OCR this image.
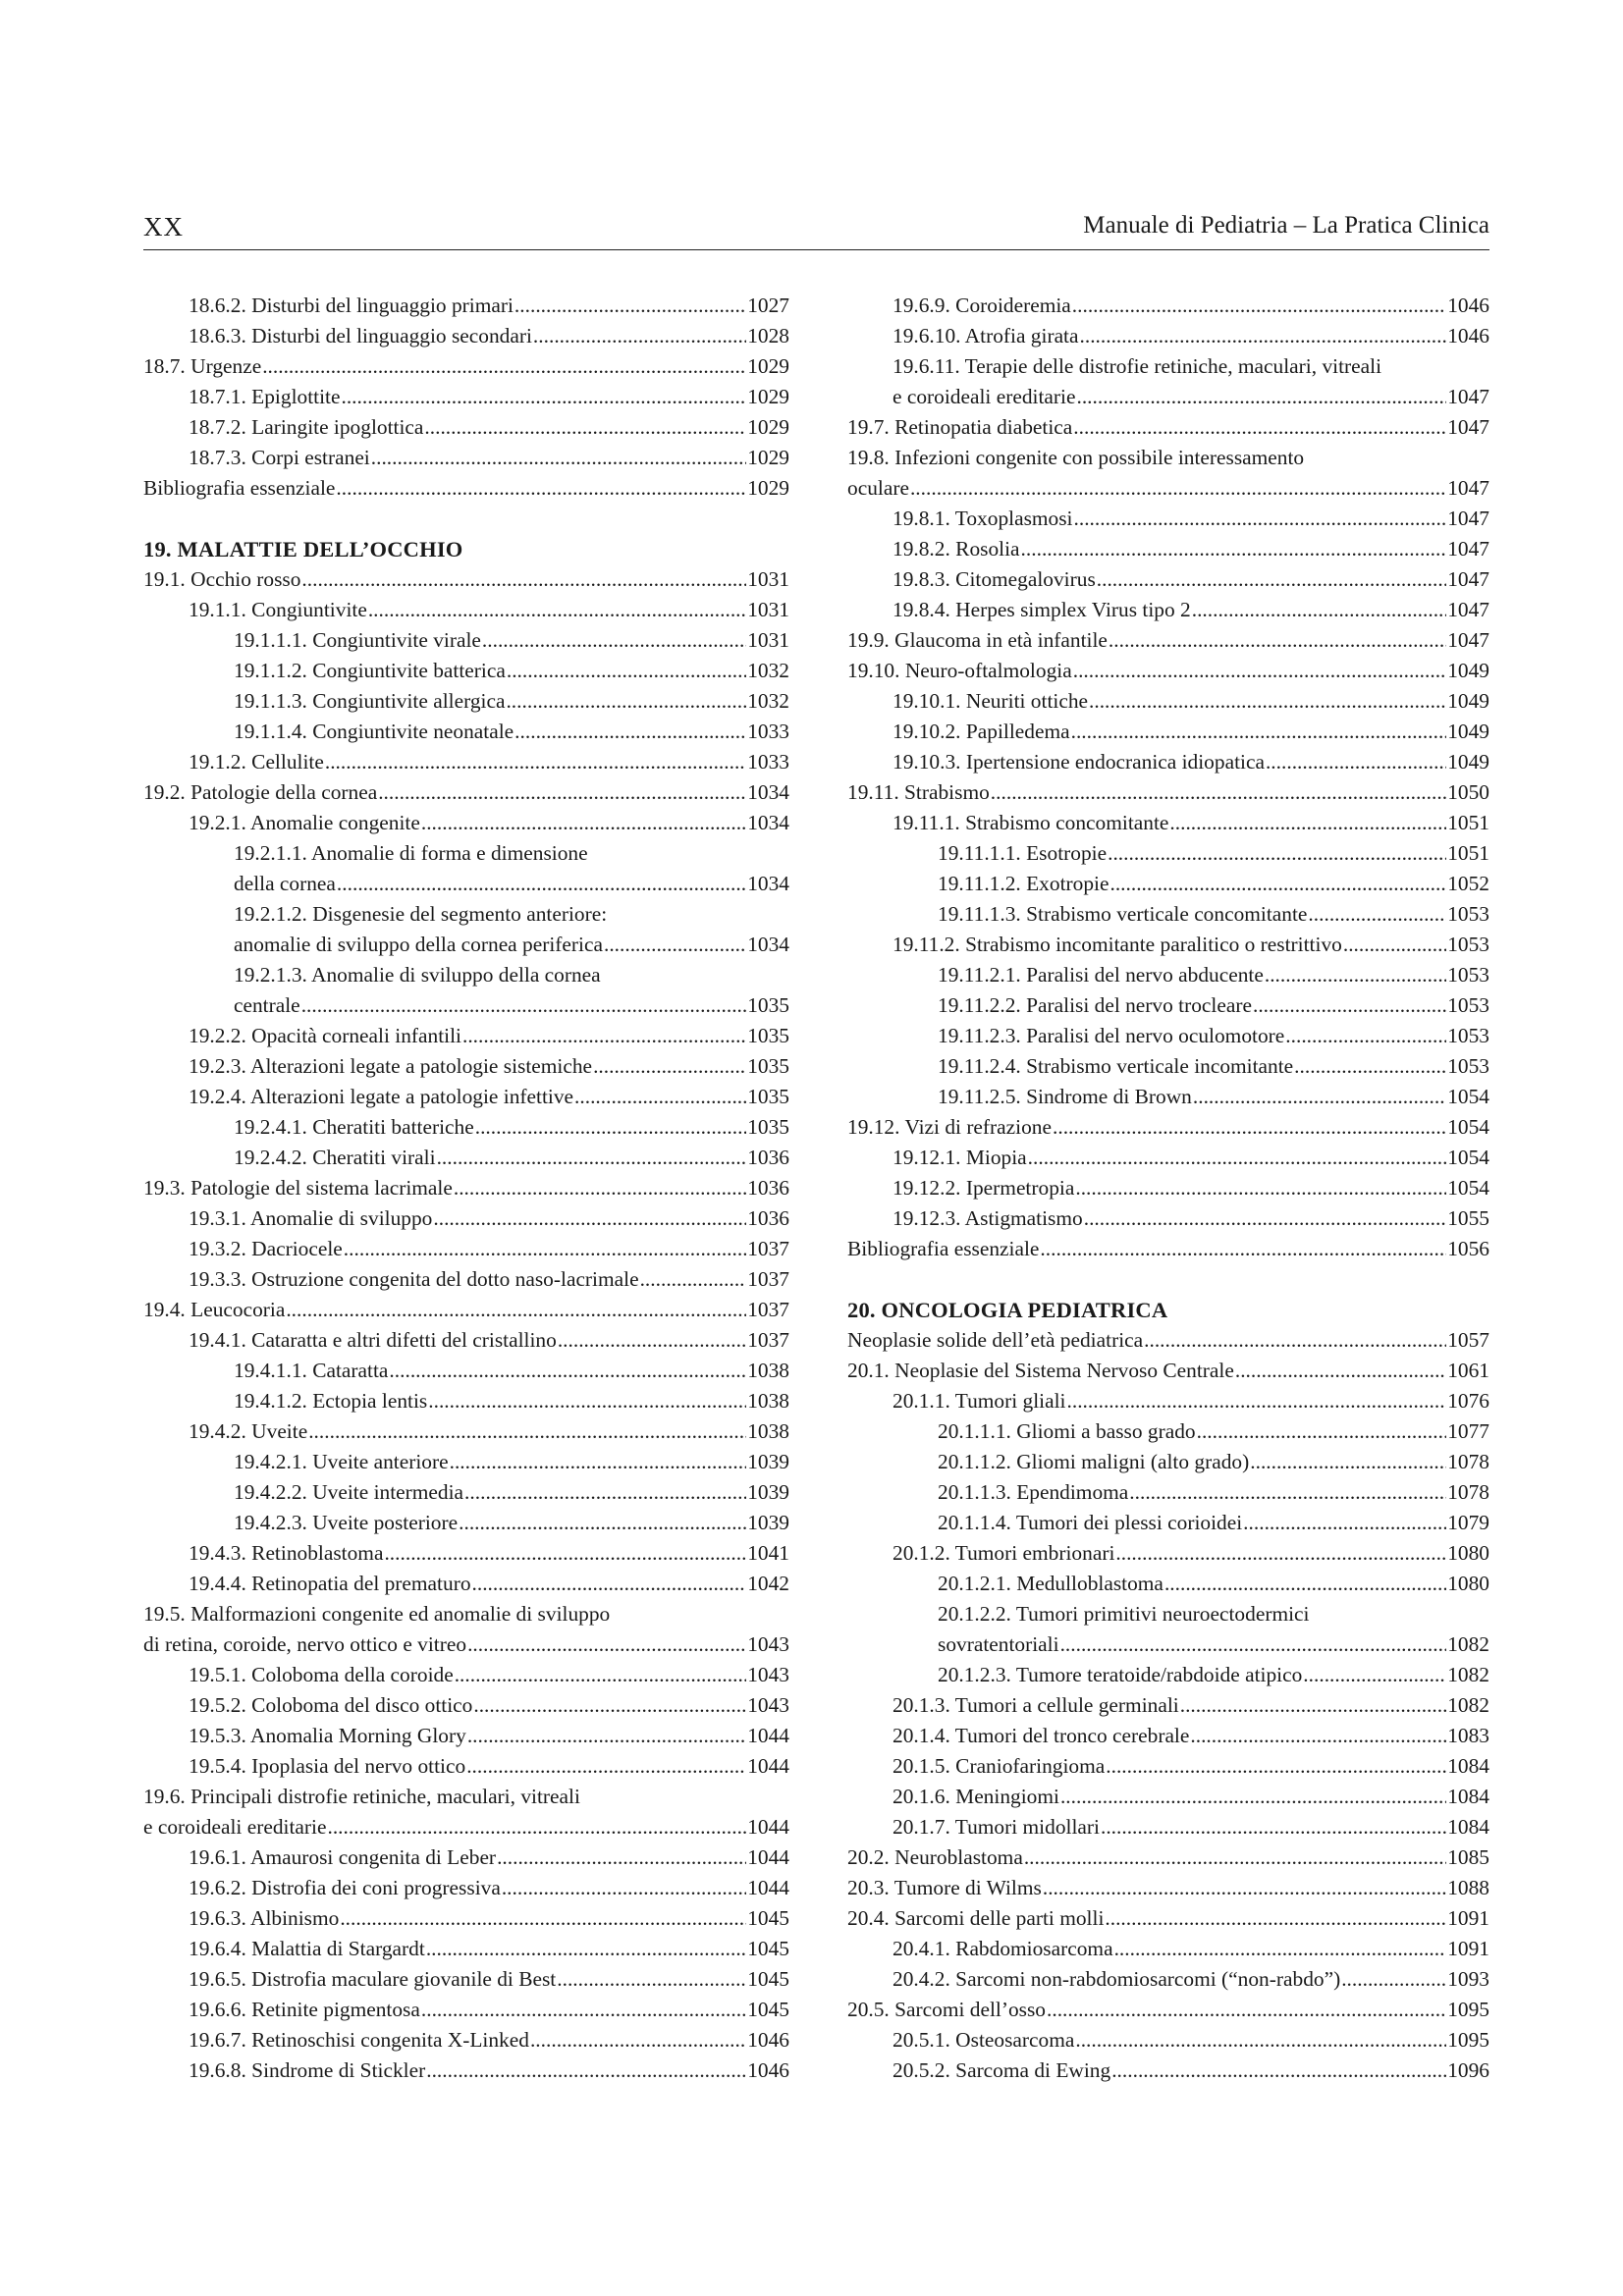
XX	Manuale di Pediatria – La Pratica Clinica
18.6.2. Disturbi del linguaggio primari .....	1027
18.6.3. Disturbi del linguaggio secondari .....	1028
18.7. Urgenze .....	1029
18.7.1. Epiglottite .....	1029
18.7.2. Laringite ipoglottica .....	1029
18.7.3. Corpi estranei .....	1029
Bibliografia essenziale .....	1029
19. MALATTIE DELL’OCCHIO
19.1. Occhio rosso .....	1031
19.1.1. Congiuntivite .....	1031
19.1.1.1. Congiuntivite virale .....	1031
19.1.1.2. Congiuntivite batterica .....	1032
19.1.1.3. Congiuntivite allergica .....	1032
19.1.1.4. Congiuntivite neonatale .....	1033
19.1.2. Cellulite .....	1033
19.2. Patologie della cornea .....	1034
19.2.1. Anomalie congenite .....	1034
19.2.1.1. Anomalie di forma e dimensione
della cornea .....	1034
19.2.1.2. Disgenesie del segmento anteriore:
anomalie di sviluppo della cornea periferica .....	1034
19.2.1.3. Anomalie di sviluppo della cornea
centrale .....	1035
19.2.2. Opacità corneali infantili .....	1035
19.2.3. Alterazioni legate a patologie sistemiche .....	1035
19.2.4. Alterazioni legate a patologie infettive .....	1035
19.2.4.1. Cheratiti batteriche .....	1035
19.2.4.2. Cheratiti virali .....	1036
19.3. Patologie del sistema lacrimale .....	1036
19.3.1. Anomalie di sviluppo .....	1036
19.3.2. Dacriocele .....	1037
19.3.3. Ostruzione congenita del dotto naso-lacrimale .....	1037
19.4. Leucocoria .....	1037
19.4.1. Cataratta e altri difetti del cristallino .....	1037
19.4.1.1. Cataratta .....	1038
19.4.1.2. Ectopia lentis .....	1038
19.4.2. Uveite .....	1038
19.4.2.1. Uveite anteriore .....	1039
19.4.2.2. Uveite intermedia .....	1039
19.4.2.3. Uveite posteriore .....	1039
19.4.3. Retinoblastoma .....	1041
19.4.4. Retinopatia del prematuro .....	1042
19.5. Malformazioni congenite ed anomalie di sviluppo
di retina, coroide, nervo ottico e vitreo .....	1043
19.5.1. Coloboma della coroide .....	1043
19.5.2. Coloboma del disco ottico .....	1043
19.5.3. Anomalia Morning Glory .....	1044
19.5.4. Ipoplasia del nervo ottico .....	1044
19.6. Principali distrofie retiniche, maculari, vitreali
e coroideali ereditarie .....	1044
19.6.1. Amaurosi congenita di Leber .....	1044
19.6.2. Distrofia dei coni progressiva .....	1044
19.6.3. Albinismo .....	1045
19.6.4. Malattia di Stargardt .....	1045
19.6.5. Distrofia maculare giovanile di Best .....	1045
19.6.6. Retinite pigmentosa .....	1045
19.6.7. Retinoschisi congenita X-Linked .....	1046
19.6.8. Sindrome di Stickler .....	1046
19.6.9. Coroideremia .....	1046
19.6.10. Atrofia girata .....	1046
19.6.11. Terapie delle distrofie retiniche, maculari, vitreali
e coroideali ereditarie .....	1047
19.7. Retinopatia diabetica .....	1047
19.8. Infezioni congenite con possibile interessamento
oculare .....	1047
19.8.1. Toxoplasmosi .....	1047
19.8.2. Rosolia .....	1047
19.8.3. Citomegalovirus .....	1047
19.8.4. Herpes simplex Virus tipo 2 .....	1047
19.9. Glaucoma in età infantile .....	1047
19.10. Neuro-oftalmologia .....	1049
19.10.1. Neuriti ottiche .....	1049
19.10.2. Papilledema .....	1049
19.10.3. Ipertensione endocranica idiopatica .....	1049
19.11. Strabismo .....	1050
19.11.1. Strabismo concomitante .....	1051
19.11.1.1. Esotropie .....	1051
19.11.1.2. Exotropie .....	1052
19.11.1.3. Strabismo verticale concomitante .....	1053
19.11.2. Strabismo incomitante paralitico o restrittivo .....	1053
19.11.2.1. Paralisi del nervo abducente .....	1053
19.11.2.2. Paralisi del nervo trocleare .....	1053
19.11.2.3. Paralisi del nervo oculomotore .....	1053
19.11.2.4. Strabismo verticale incomitante .....	1053
19.11.2.5. Sindrome di Brown .....	1054
19.12. Vizi di refrazione .....	1054
19.12.1. Miopia .....	1054
19.12.2. Ipermetropia .....	1054
19.12.3. Astigmatismo .....	1055
Bibliografia essenziale .....	1056
20. ONCOLOGIA PEDIATRICA
Neoplasie solide dell’età pediatrica .....	1057
20.1. Neoplasie del Sistema Nervoso Centrale .....	1061
20.1.1. Tumori gliali .....	1076
20.1.1.1. Gliomi a basso grado .....	1077
20.1.1.2. Gliomi maligni (alto grado) .....	1078
20.1.1.3. Ependimoma .....	1078
20.1.1.4. Tumori dei plessi corioidei .....	1079
20.1.2. Tumori embrionari .....	1080
20.1.2.1. Medulloblastoma .....	1080
20.1.2.2. Tumori primitivi neuroectodermici
sovratentoriali .....	1082
20.1.2.3. Tumore teratoide/rabdoide atipico .....	1082
20.1.3. Tumori a cellule germinali .....	1082
20.1.4. Tumori del tronco cerebrale .....	1083
20.1.5. Craniofaringioma .....	1084
20.1.6. Meningiomi .....	1084
20.1.7. Tumori midollari .....	1084
20.2. Neuroblastoma .....	1085
20.3. Tumore di Wilms .....	1088
20.4. Sarcomi delle parti molli .....	1091
20.4.1. Rabdomiosarcoma .....	1091
20.4.2. Sarcomi non-rabdomiosarcomi (“non-rabdo”) .....	1093
20.5. Sarcomi dell’osso .....	1095
20.5.1. Osteosarcoma .....	1095
20.5.2. Sarcoma di Ewing .....	1096
